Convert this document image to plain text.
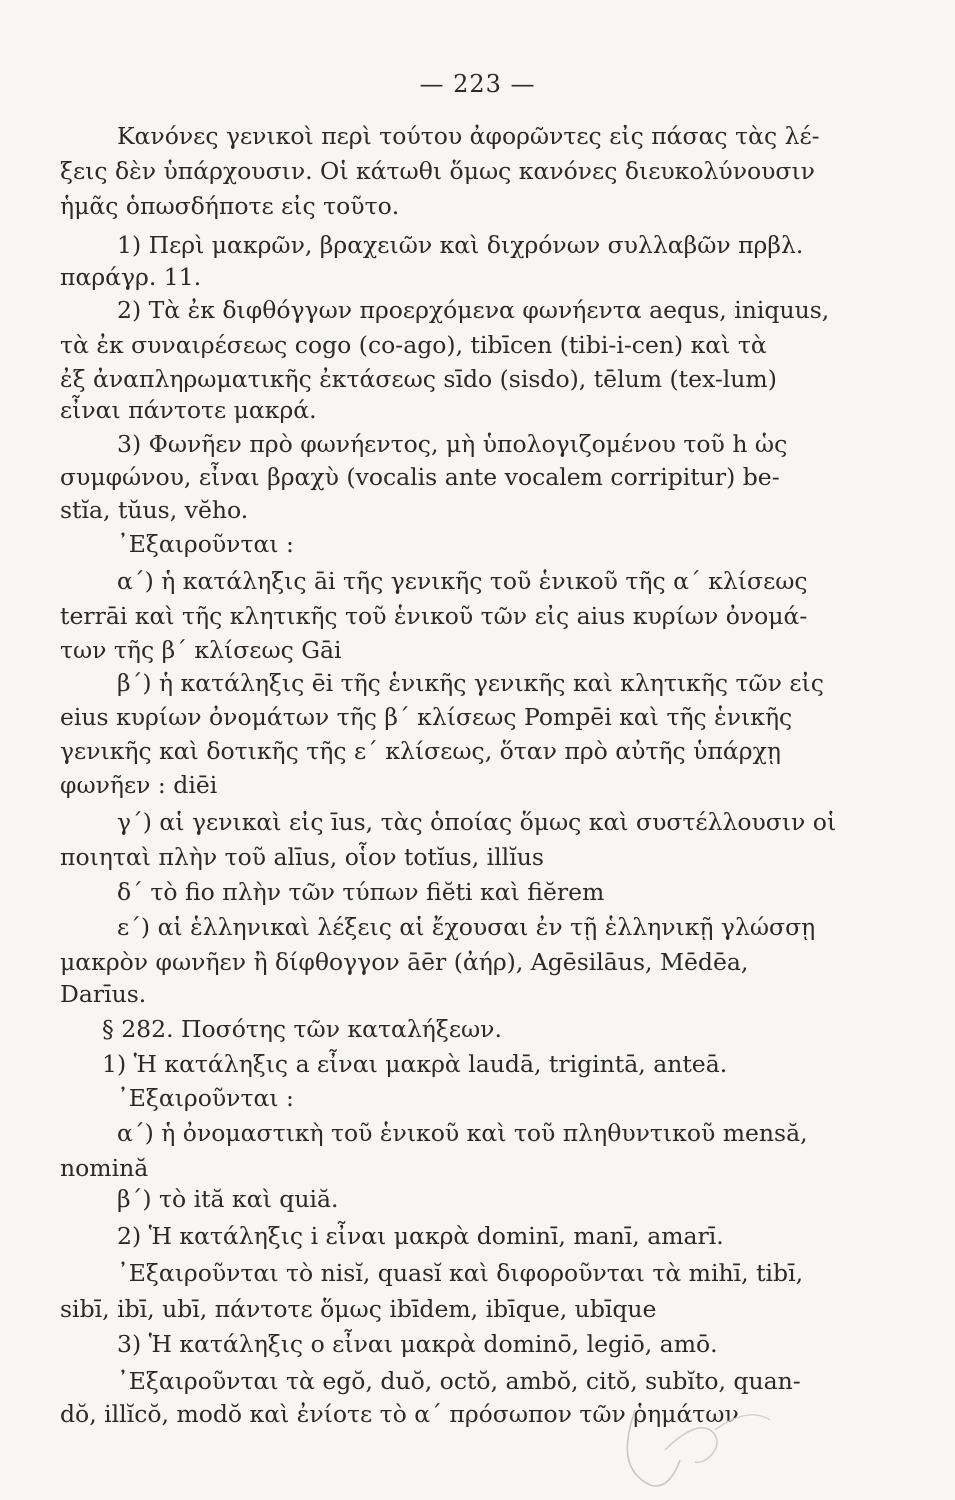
— 223 —
Κανόνες γενικοὶ περὶ τούτου ἀφορῶντες εἰς πάσας τὰς λέ-
ξεις δὲν ὑπάρχουσιν. Οἱ κάτωθι ὅμως κανόνες διευκολύνουσιν
ἡμᾶς ὁπωσδήποτε εἰς τοῦτο.
1) Περὶ μακρῶν, βραχειῶν καὶ διχρόνων συλλαβῶν πρβλ.
παράγρ. 11.
2) Τὰ ἐκ διφθόγγων προερχόμενα φωνήεντα aequs, iniquus,
τὰ ἐκ συναιρέσεως cogo (co-ago), tibīcen (tibi-i-cen) καὶ τὰ
ἐξ ἀναπληρωματικῆς ἐκτάσεως sīdo (sisdo), tēlum (tex-lum)
εἶναι πάντοτε μακρά.
3) Φωνῆεν πρὸ φωνήεντος, μὴ ὑπολογιζομένου τοῦ h ὡς
συμφώνου, εἶναι βραχὺ (vocalis ante vocalem corripitur) be-
stĭa, tŭus, vĕho.
᾿Εξαιροῦνται :
α΄) ἡ κατάληξις āi τῆς γενικῆς τοῦ ἑνικοῦ τῆς α΄ κλίσεως
terrāi καὶ τῆς κλητικῆς τοῦ ἑνικοῦ τῶν εἰς aius κυρίων ὀνομά-
των τῆς β΄ κλίσεως Gāi
β΄) ἡ κατάληξις ēi τῆς ἑνικῆς γενικῆς καὶ κλητικῆς τῶν εἰς
eius κυρίων ὀνομάτων τῆς β΄ κλίσεως Pompēi καὶ τῆς ἑνικῆς
γενικῆς καὶ δοτικῆς τῆς ε΄ κλίσεως, ὅταν πρὸ αὐτῆς ὑπάρχῃ
φωνῆεν : diēi
γ΄) αἱ γενικαὶ εἰς īus, τὰς ὁποίας ὅμως καὶ συστέλλουσιν οἱ
ποιηταὶ πλὴν τοῦ alīus, οἷον totĭus, illĭus
δ΄ τὸ fio πλὴν τῶν τύπων fiĕti καὶ fiĕrem
ε΄) αἱ ἑλληνικαὶ λέξεις αἱ ἔχουσαι ἐν τῇ ἑλληνικῇ γλώσσῃ
μακρὸν φωνῆεν ἢ δίφθογγον āēr (ἀήρ), Agēsilāus, Mēdēa,
Darīus.
§ 282. Ποσότης τῶν καταλήξεων.
1) Ἡ κατάληξις a εἶναι μακρὰ laudā, trigintā, anteā.
᾿Εξαιροῦνται :
α΄) ἡ ὀνομαστικὴ τοῦ ἑνικοῦ καὶ τοῦ πληθυντικοῦ mensă,
nomină
β΄) τὸ ită καὶ quiă.
2) Ἡ κατάληξις i εἶναι μακρὰ dominī, manī, amarī.
᾿Εξαιροῦνται τὸ nisĭ, quasĭ καὶ διφοροῦνται τὰ mihī, tibī,
sibī, ibī, ubī, πάντοτε ὅμως ibīdem, ibīque, ubīque
3) Ἡ κατάληξις o εἶναι μακρὰ dominō, legiō, amō.
᾿Εξαιροῦνται τὰ egŏ, duŏ, octŏ, ambŏ, citŏ, subĭto, quan-
dŏ, illĭcŏ, modŏ καὶ ἐνίοτε τὸ α΄ πρόσωπον τῶν ῥημάτων
